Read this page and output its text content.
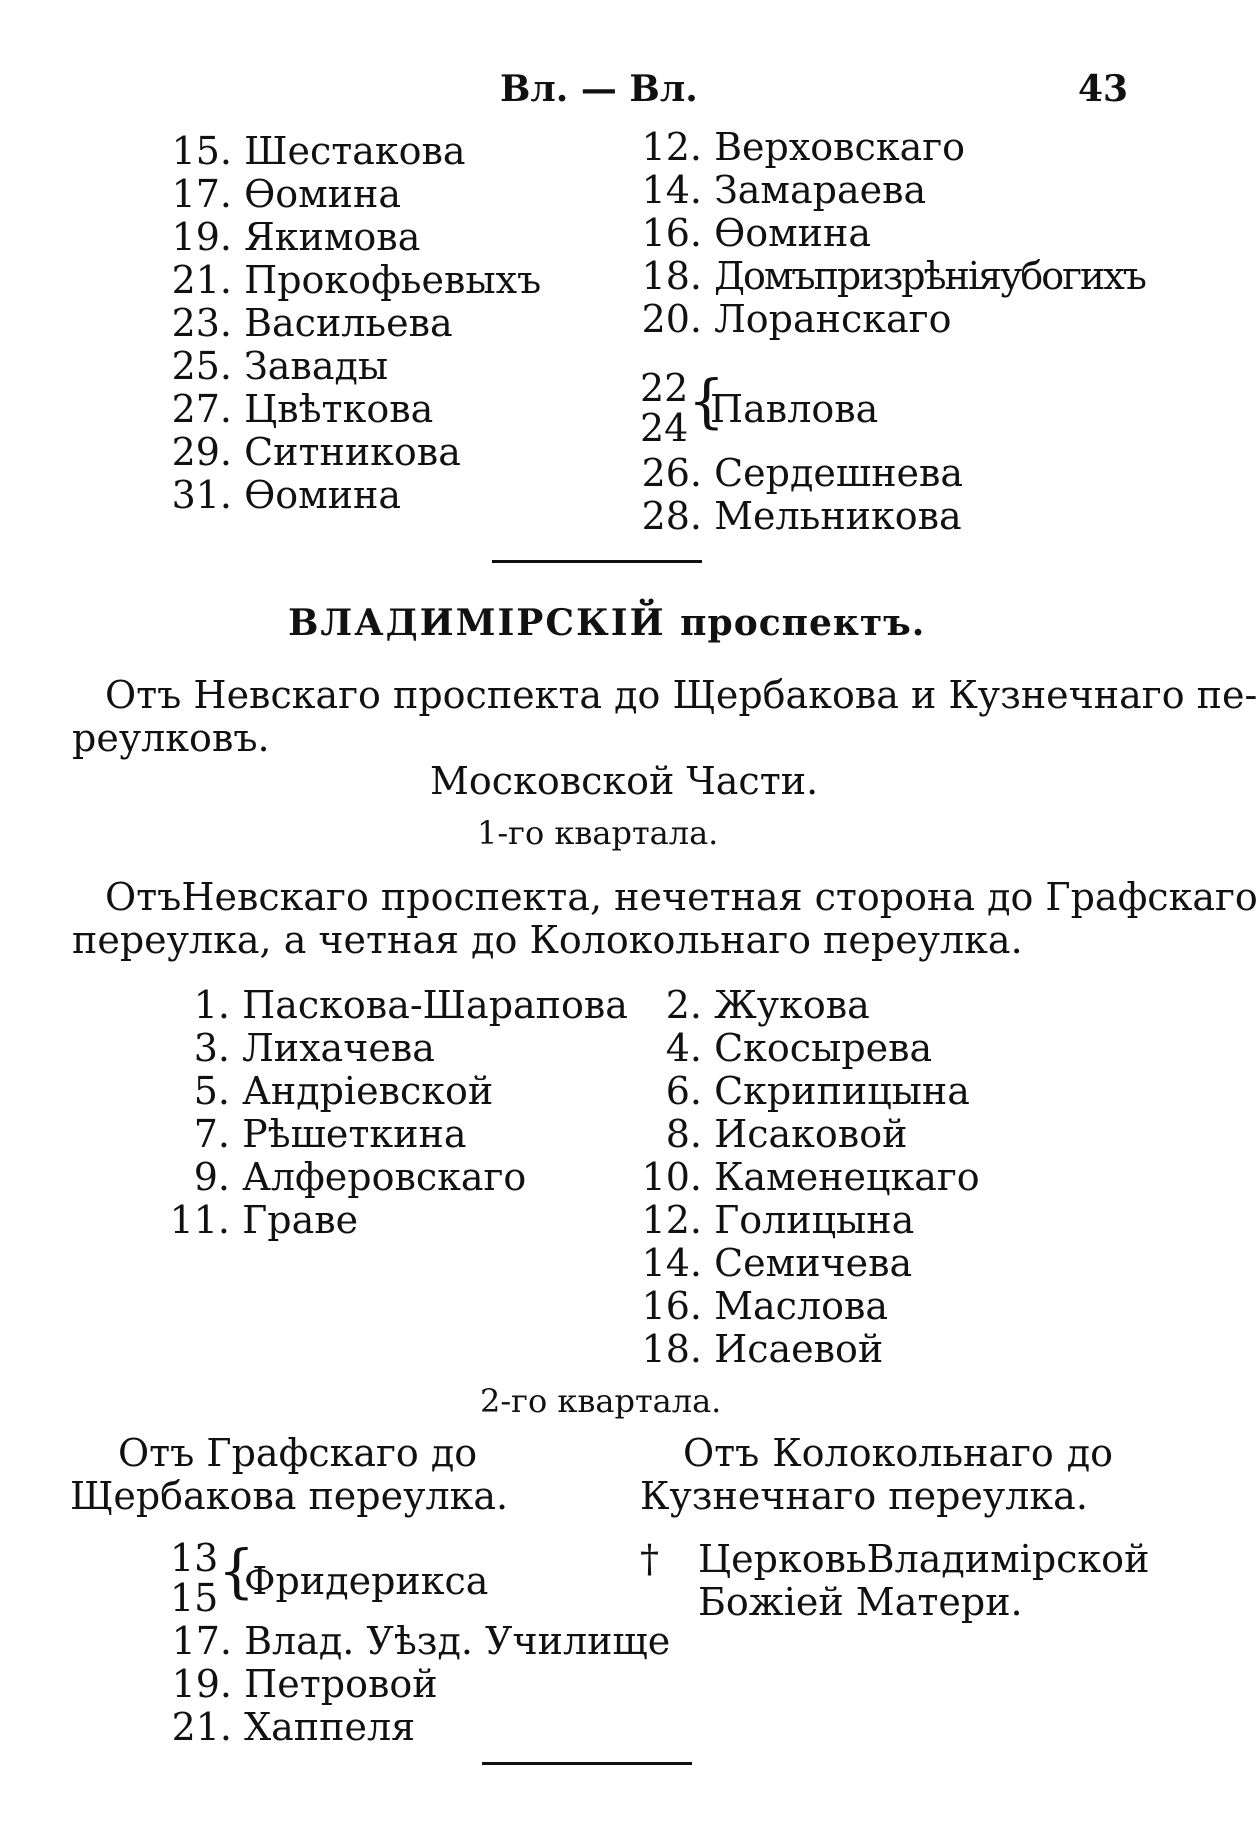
Вл. — Вл.	43
15. Шестакова
17. Ѳомина
19. Якимова
21. Прокофьевыхъ
23. Васильева
25. Завады
27. Цвѣткова
29. Ситникова
31. Ѳомина
12. Верховскаго
14. Замараева
16. Ѳомина
18. Домъпризрѣніяубогихъ
20. Лоранскаго
22
24 {
Павлова
26. Сердешнева
28. Мельникова
ВЛАДИМІРСКІЙ проспектъ.
Отъ Невскаго проспекта до Щербакова и Кузнечнаго пе-
реулковъ.
Московской Части.
1-го квартала.
ОтъНевскаго проспекта, нечетная сторона до Графскаго
переулка, а четная до Колокольнаго переулка.
1. Паскова-Шарапова
3. Лихачева
5. Андріевской
7. Рѣшеткина
9. Алферовскаго
11. Граве
2. Жукова
4. Скосырева
6. Скрипицына
8. Исаковой
10. Каменецкаго
12. Голицына
14. Семичева
16. Маслова
18. Исаевой
2-го квартала.
Отъ Графскаго до
Щербакова переулка.
Отъ Колокольнаго до
Кузнечнаго переулка.
13
15 {
Фридерикса
17. Влад. Уѣзд. Училище
19. Петровой
21. Хаппеля
† Церковь Владимірской
Божіей Матери.
